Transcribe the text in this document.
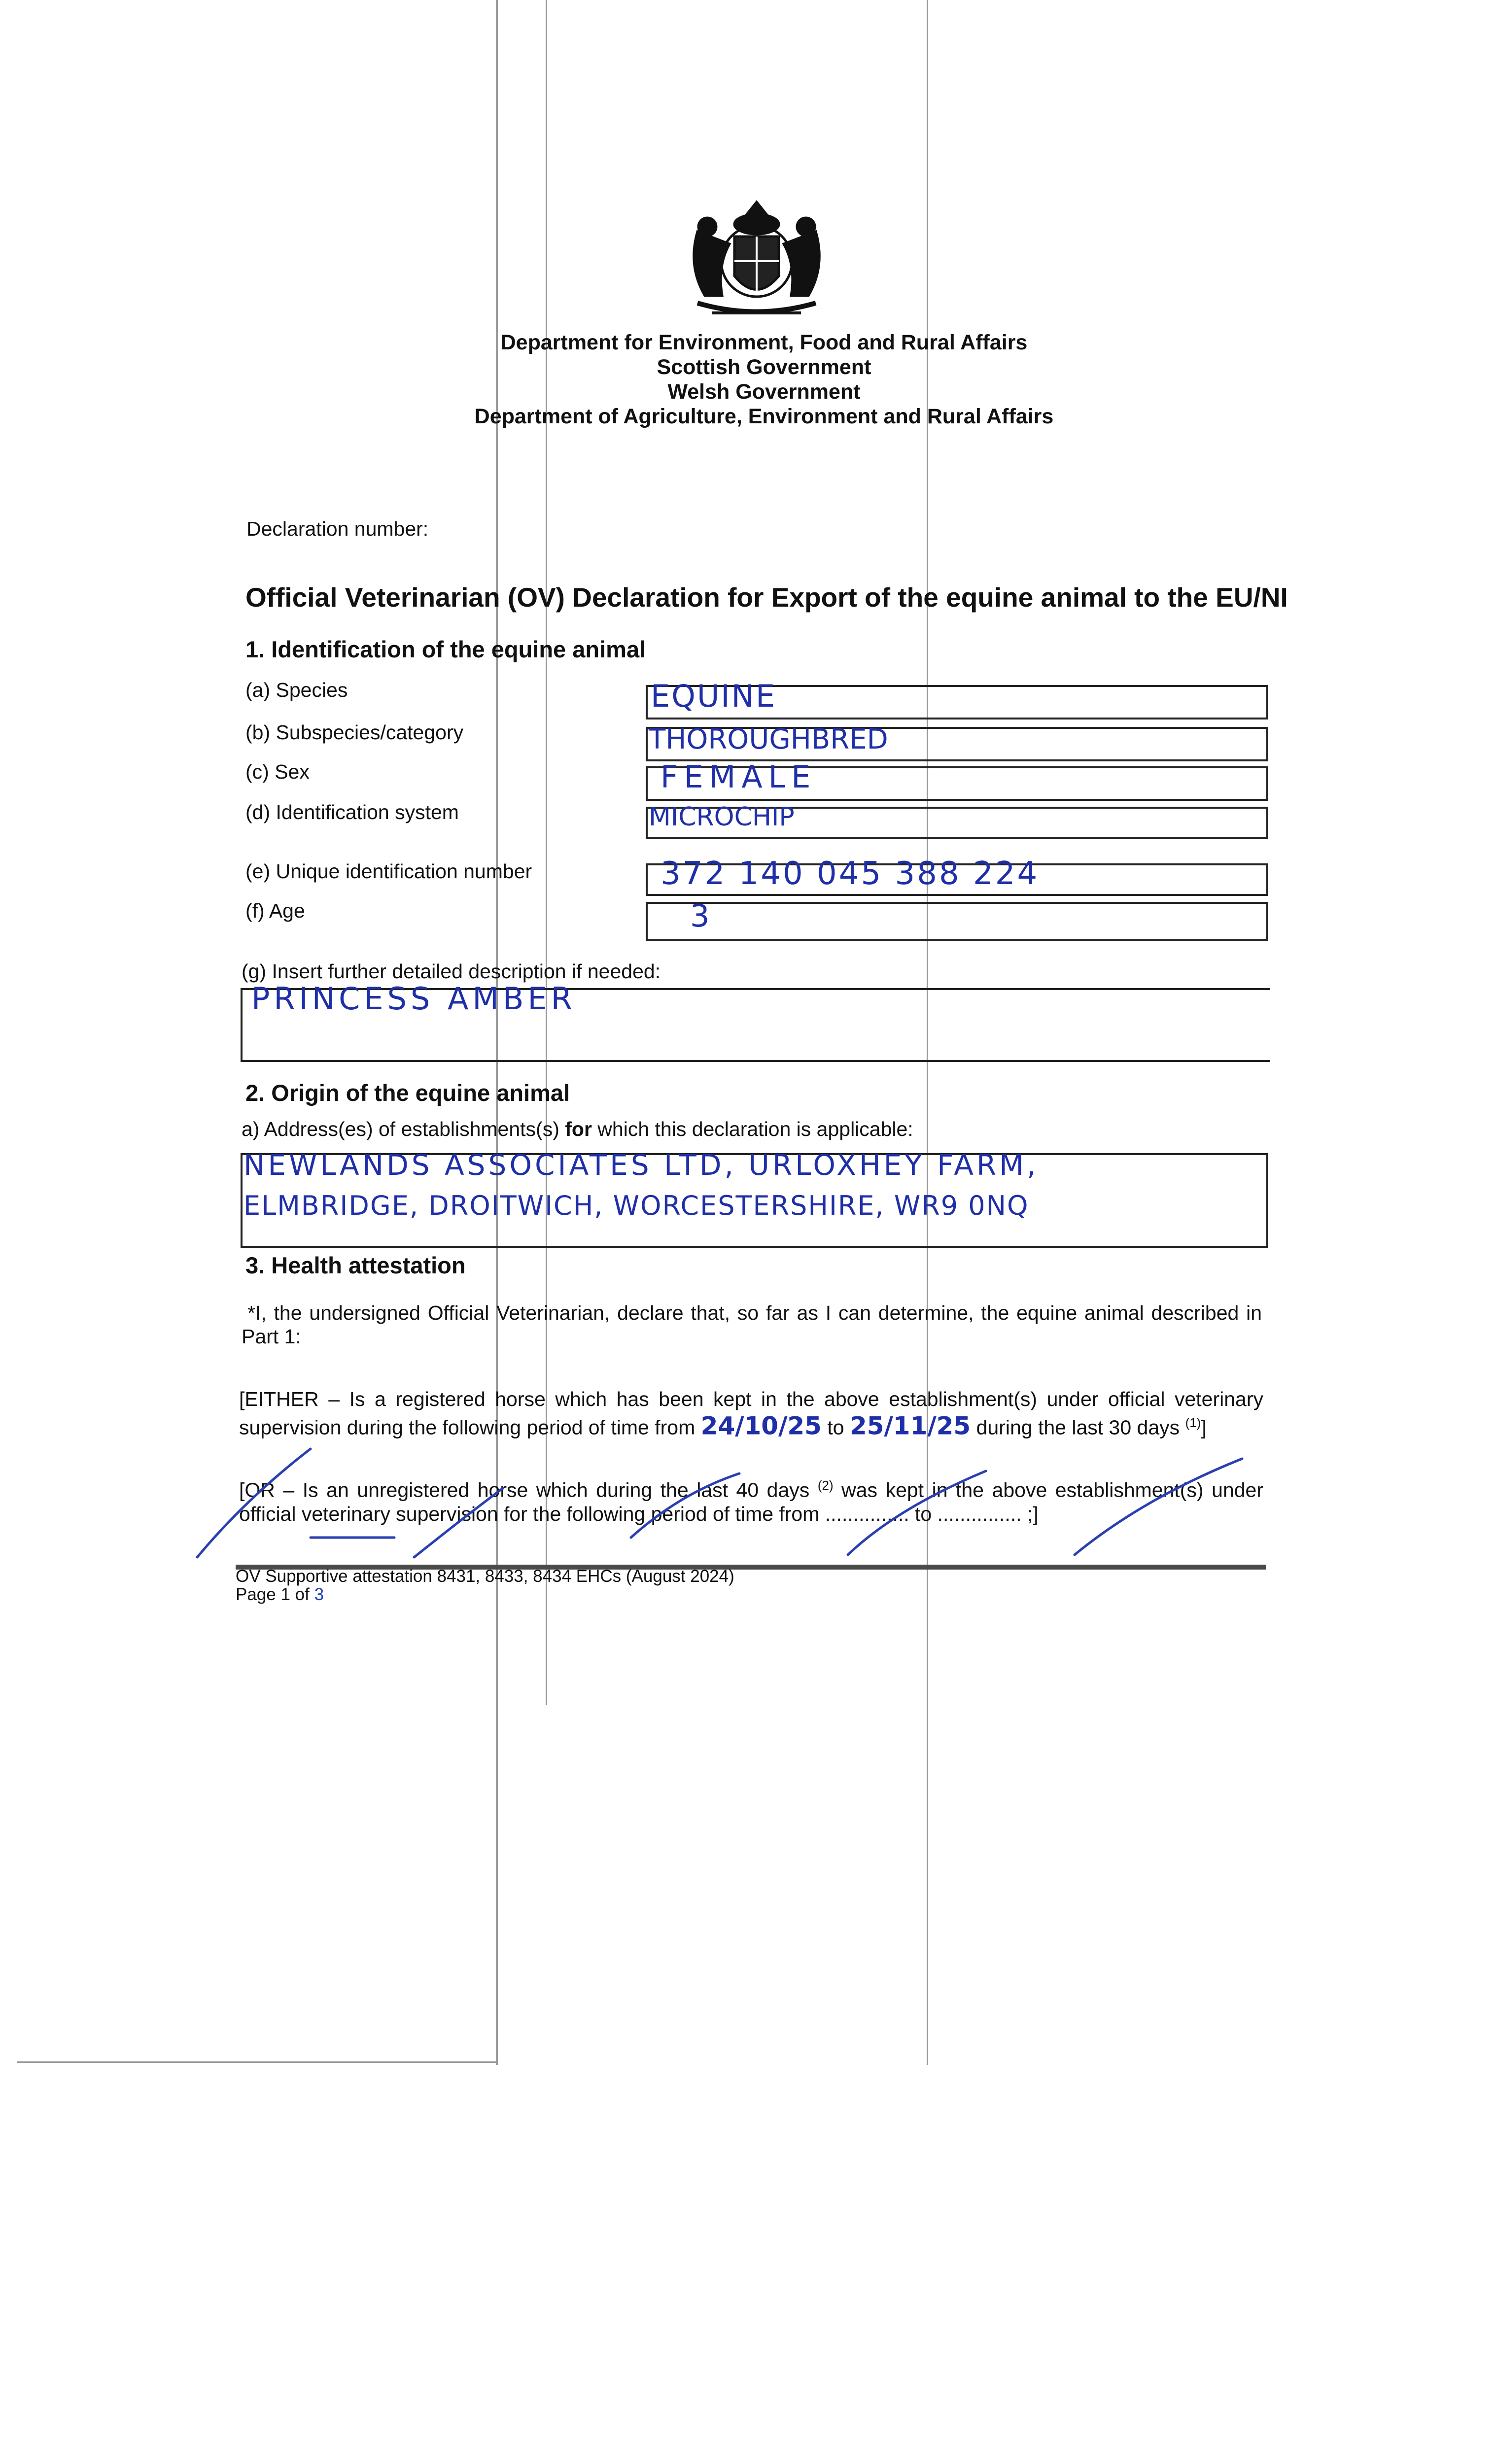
Department for Environment, Food and Rural Affairs
Scottish Government
Welsh Government
Department of Agriculture, Environment and Rural Affairs
Declaration number:
Official Veterinarian (OV) Declaration for Export of the equine animal to the EU/NI
1. Identification of the equine animal
(a) Species	EQUINE
(b) Subspecies/category	THOROUGHBRED
(c) Sex	FEMALE
(d) Identification system	MICROCHIP
(e) Unique identification number	372 140 045 388 224
(f) Age	3
(g) Insert further detailed description if needed:
PRINCESS AMBER
2. Origin of the equine animal
a) Address(es) of establishments(s) for which this declaration is applicable:
NEWLANDS ASSOCIATES LTD, URLOXHEY FARM,
ELMBRIDGE, DROITWICH, WORCESTERSHIRE, WR9 0NQ
3. Health attestation
*I, the undersigned Official Veterinarian, declare that, so far as I can determine, the equine animal described in Part 1:
[EITHER – Is a registered horse which has been kept in the above establishment(s) under official veterinary supervision during the following period of time from 24/10/25 to 25/11/25 during the last 30 days $^{(1)}$]
[OR – Is an unregistered horse which during the last 40 days $^{(2)}$ was kept in the above establishment(s) under official veterinary supervision for the following period of time from ............... to ............... ;]
OV Supportive attestation 8431, 8433, 8434 EHCs (August 2024)
Page 1 of 3
